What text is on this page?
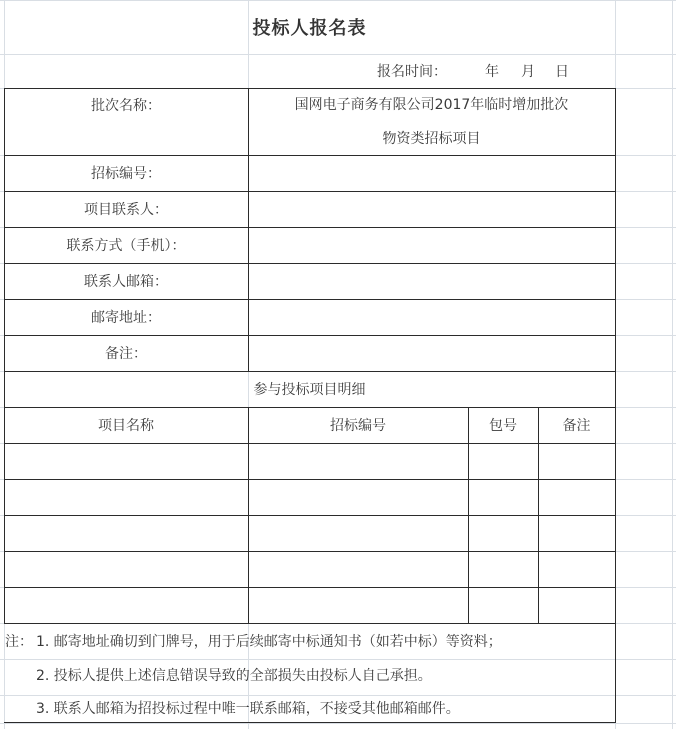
投标人报名表
报名时间：	年	月	日
批次名称：	国网电子商务有限公司2017年临时增加批次
物资类招标项目
招标编号：
项目联系人：
联系方式（手机）：
联系人邮箱：
邮寄地址：
备注：
参与投标项目明细
项目名称	招标编号	包号	备注
注： 1. 邮寄地址确切到门牌号，用于后续邮寄中标通知书（如若中标）等资料；
2. 投标人提供上述信息错误导致的全部损失由投标人自己承担。
3. 联系人邮箱为招投标过程中唯一联系邮箱，不接受其他邮箱邮件。
